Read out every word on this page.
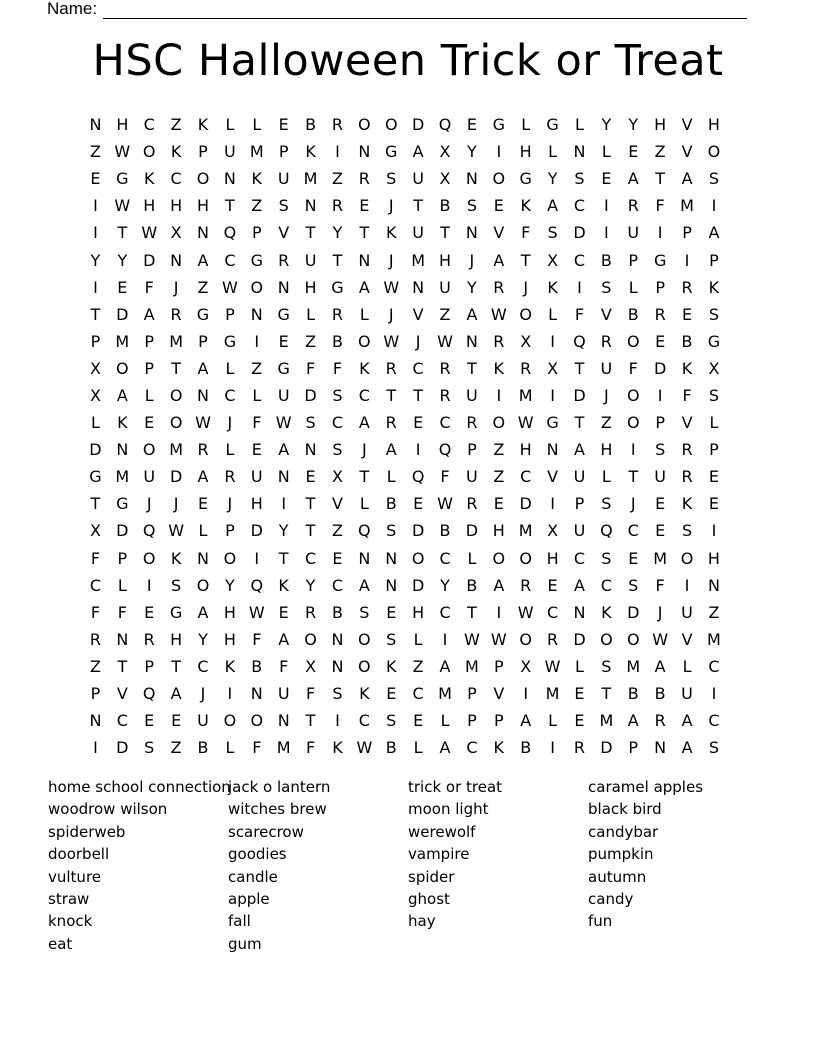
Name:
HSC Halloween Trick or Treat
N H C Z	K	L	L	E	B R O O D Q E G	L	G	L	Y	Y H V H
Z W O K	P	U M P	K	I	N G A X	Y	I	H	L	N	L	E	Z V O
E G K	C O N K U M Z R	S U X N O G Y	S	E	A	T	A	S
I	W H H H T	Z	S N R	E	J	T	B	S	E	K	A C	I	R	F M	I
I	T W X N Q P	V	T	Y	T	K U	T	N V	F	S D	I	U	I	P	A
Y	Y D N A C G R U	T	N	J	M H	J	A	T	X C B	P G	I	P
I	E	F	J	Z W O N H G A W N U	Y	R	J	K	I	S	L	P	R	K
T D A R G P	N G	L	R	L	J	V Z A W O	L	F	V B R	E	S
P M P M P G	I	E	Z B O W	J	W N R X	I	Q R O E	B G
X O P	T	A	L	Z G	F	F	K	R C R	T	K	R X	T	U	F	D K	X
X A	L	O N C	L	U D S	C	T	T	R U	I	M	I	D	J	O	I	F	S
L	K	E O W	J	F W S	C A R	E	C R O W G T	Z O P	V	L
D N O M R	L	E	A N S	J	A	I	Q P	Z H N A H	I	S	R	P
G M U D A R U N E	X	T	L	Q	F	U Z C V U	L	T	U R	E
T G	J	J	E	J	H	I	T	V	L	B	E W R	E D	I	P	S	J	E	K	E
X D Q W L	P D Y	T	Z Q S D B D H M X U Q C	E	S	I
F	P O K N O	I	T	C	E N N O C	L	O O H C	S	E M O H
C	L	I	S O Y Q K	Y	C A N D Y	B A R	E	A C	S	F	I	N
F	F	E G A H W E	R B	S	E H C	T	I	W C N K D	J	U Z
R N R H Y H	F	A O N O S	L	I	W W O R D O O W V M
Z	T	P	T	C	K	B	F	X N O K	Z A M P	X W L	S M A	L	C
P	V Q A	J	I	N U	F	S	K	E	C M P	V	I	M E	T	B B U	I
N C	E	E U O O N	T	I	C	S	E	L	P	P	A	L	E M A R A C
I	D S	Z B	L	F M F	K W B	L	A C	K	B	I	R D P	N A	S
home school connection
woodrow wilson
spiderweb
doorbell
vulture
straw
knock
eat
jack o lantern
witches brew
scarecrow
goodies
candle
apple
fall
gum
trick or treat
moon light
werewolf
vampire
spider
ghost
hay
caramel apples
black bird
candybar
pumpkin
autumn
candy
fun
